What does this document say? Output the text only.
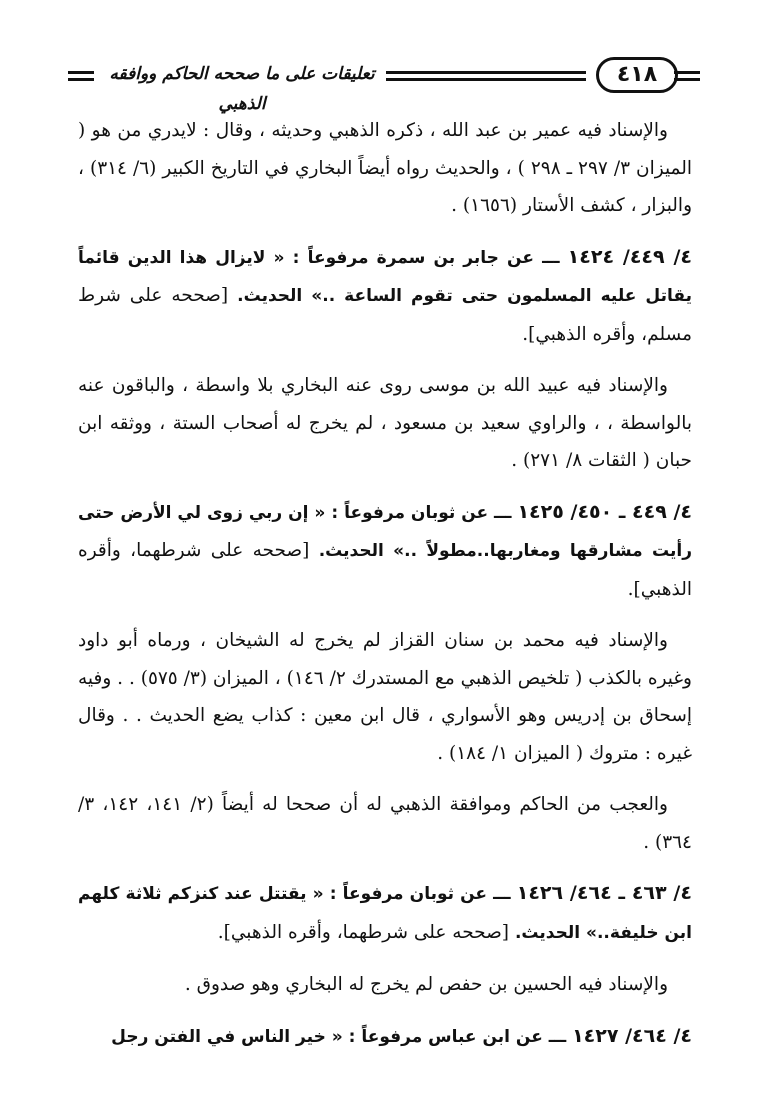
تعليقات على ما صححه الحاكم ووافقه الذهبي
٤١٨

والإسناد فيه عمير بن عبد الله ، ذكره الذهبي وحديثه ، وقال : لايدري من هو ( الميزان ٣/ ٢٩٧ ـ ٢٩٨ ) ، والحديث رواه أيضاً البخاري في التاريخ الكبير (٦/ ٣١٤) ، والبزار ، كشف الأستار (١٦٥٦) .

٤/ ٤٤٩/ ١٤٢٤ ـــ عن جابر بن سمرة مرفوعاً : « لايزال هذا الدين قائماً يقاتل عليه المسلمون حتى تقوم الساعة ..» الحديث. [صححه على شرط مسلم، وأقره الذهبي].

والإسناد فيه عبيد الله بن موسى روى عنه البخاري بلا واسطة ، والباقون عنه بالواسطة ، ، والراوي سعيد بن مسعود ، لم يخرج له أصحاب الستة ، ووثقه ابن حبان ( الثقات ٨/ ٢٧١) .

٤/ ٤٤٩ ـ ٤٥٠/ ١٤٢٥ ـــ عن ثوبان مرفوعاً : « إن ربي زوى لي الأرض حتى رأيت مشارقها ومغاربها..مطولاً ..» الحديث. [صححه على شرطهما، وأقره الذهبي].

والإسناد فيه محمد بن سنان القزاز لم يخرج له الشيخان ، ورماه أبو داود وغيره بالكذب ( تلخيص الذهبي مع المستدرك ٢/ ١٤٦) ، الميزان (٣/ ٥٧٥) . . وفيه إسحاق بن إدريس وهو الأسواري ، قال ابن معين : كذاب يضع الحديث . . وقال غيره : متروك ( الميزان ١/ ١٨٤) .

والعجب من الحاكم وموافقة الذهبي له أن صححا له أيضاً (٢/ ١٤١، ١٤٢، ٣/ ٣٦٤) .

٤/ ٤٦٣ ـ ٤٦٤/ ١٤٢٦ ـــ عن ثوبان مرفوعاً : « يقتتل عند كنزكم ثلاثة كلهم ابن خليفة..» الحديث. [صححه على شرطهما، وأقره الذهبي].

والإسناد فيه الحسين بن حفص لم يخرج له البخاري وهو صدوق .

٤/ ٤٦٤/ ١٤٢٧ ـــ عن ابن عباس مرفوعاً : « خير الناس في الفتن رجل
